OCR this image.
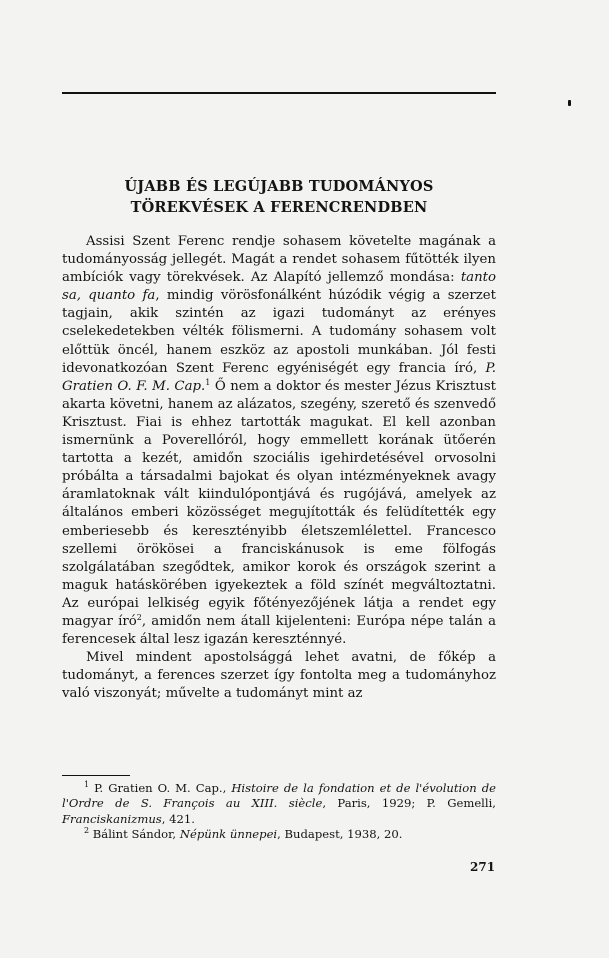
ÚJABB ÉS LEGÚJABB TUDOMÁNYOS
TÖREKVÉSEK A FERENCRENDBEN

Assisi Szent Ferenc rendje sohasem követelte magának a tudományosság jellegét. Magát a rendet sohasem fűtötték ilyen ambíciók vagy törekvések. Az Alapító jellemző mondása: tanto sa, quanto fa, mindig vörösfonálként húzódik végig a szerzet tagjain, akik szintén az igazi tudományt az erényes cselekedetekben vélték fölismerni. A tudomány sohasem volt előttük öncél, hanem eszköz az apostoli munkában. Jól festi idevonatkozóan Szent Ferenc egyéniségét egy francia író, P. Gratien O. F. M. Cap.$^1$ Ő nem a doktor és mester Jézus Krisztust akarta követni, hanem az alázatos, szegény, szerető és szenvedő Krisztust. Fiai is ehhez tartották magukat. El kell azonban ismernünk a Poverellóról, hogy emmellett korának ütőerén tartotta a kezét, amidőn szociális igehirdetésével orvosolni próbálta a társadalmi bajokat és olyan intézményeknek avagy áramlatoknak vált kiindulópontjává és rugójává, amelyek az általános emberi közösséget megujították és felüdítették egy emberiesebb és keresztényibb életszemlélettel. Francesco szellemi örökösei a franciskánusok is eme fölfogás szolgálatában szegődtek, amikor korok és országok szerint a maguk hatáskörében igyekeztek a föld színét megváltoztatni. Az európai lelkiség egyik főtényezőjének látja a rendet egy magyar író$^2$, amidőn nem átall kijelenteni: Európa népe talán a ferencesek által lesz igazán kereszténnyé.

Mivel mindent apostolsággá lehet avatni, de főkép a tudományt, a ferences szerzet így fontolta meg a tudományhoz való viszonyát; művelte a tudományt mint az

$^1$ P. Gratien O. M. Cap., Histoire de la fondation et de l'évolution de l'Ordre de S. François au XIII. siècle, Paris, 1929; P. Gemelli, Franciskanizmus, 421.

$^2$ Bálint Sándor, Népünk ünnepei, Budapest, 1938, 20.

271
